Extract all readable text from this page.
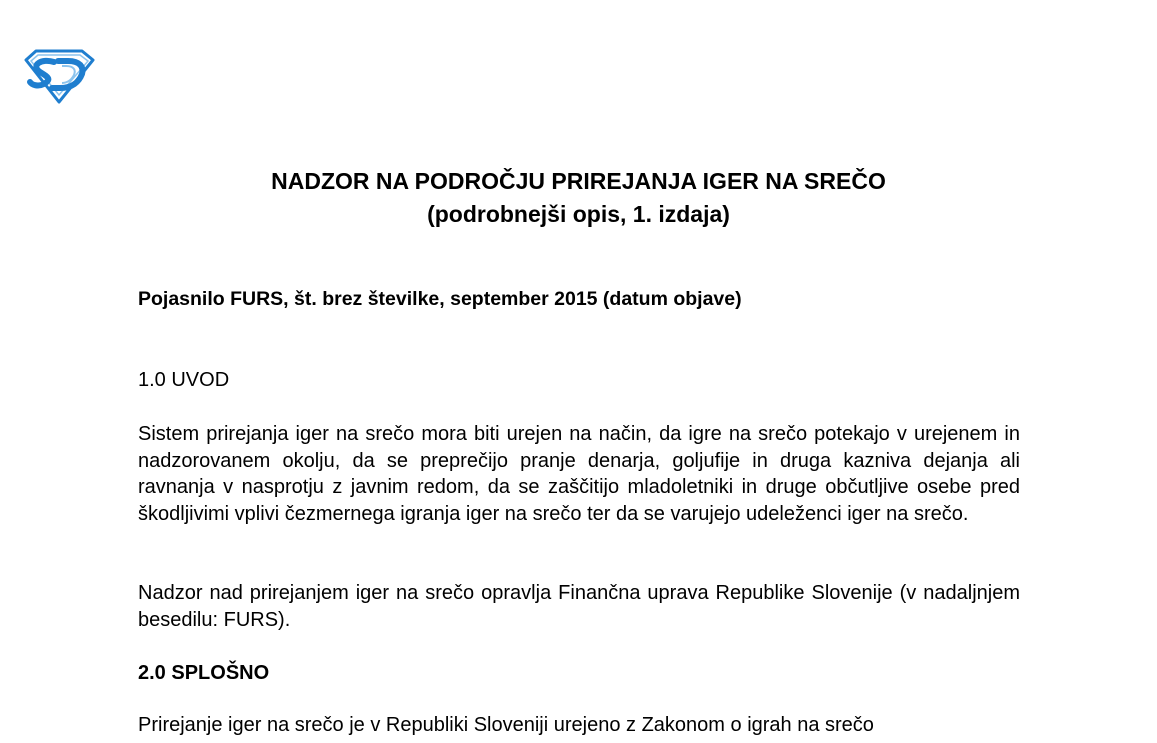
NADZOR NA PODROČJU PRIREJANJA IGER NA SREČO
(podrobnejši opis, 1. izdaja)
Pojasnilo FURS, št. brez številke, september 2015 (datum objave)
1.0 UVOD
Sistem prirejanja iger na srečo mora biti urejen na način, da igre na srečo potekajo v urejenem in nadzorovanem okolju, da se preprečijo pranje denarja, goljufije in druga kazniva dejanja ali ravnanja v nasprotju z javnim redom, da se zaščitijo mladoletniki in druge občutljive osebe pred škodljivimi vplivi čezmernega igranja iger na srečo ter da se varujejo udeleženci iger na srečo.
Nadzor nad prirejanjem iger na srečo opravlja Finančna uprava Republike Slovenije (v nadaljnjem besedilu: FURS).
2.0 SPLOŠNO
Prirejanje iger na srečo je v Republiki Sloveniji urejeno z Zakonom o igrah na srečo
